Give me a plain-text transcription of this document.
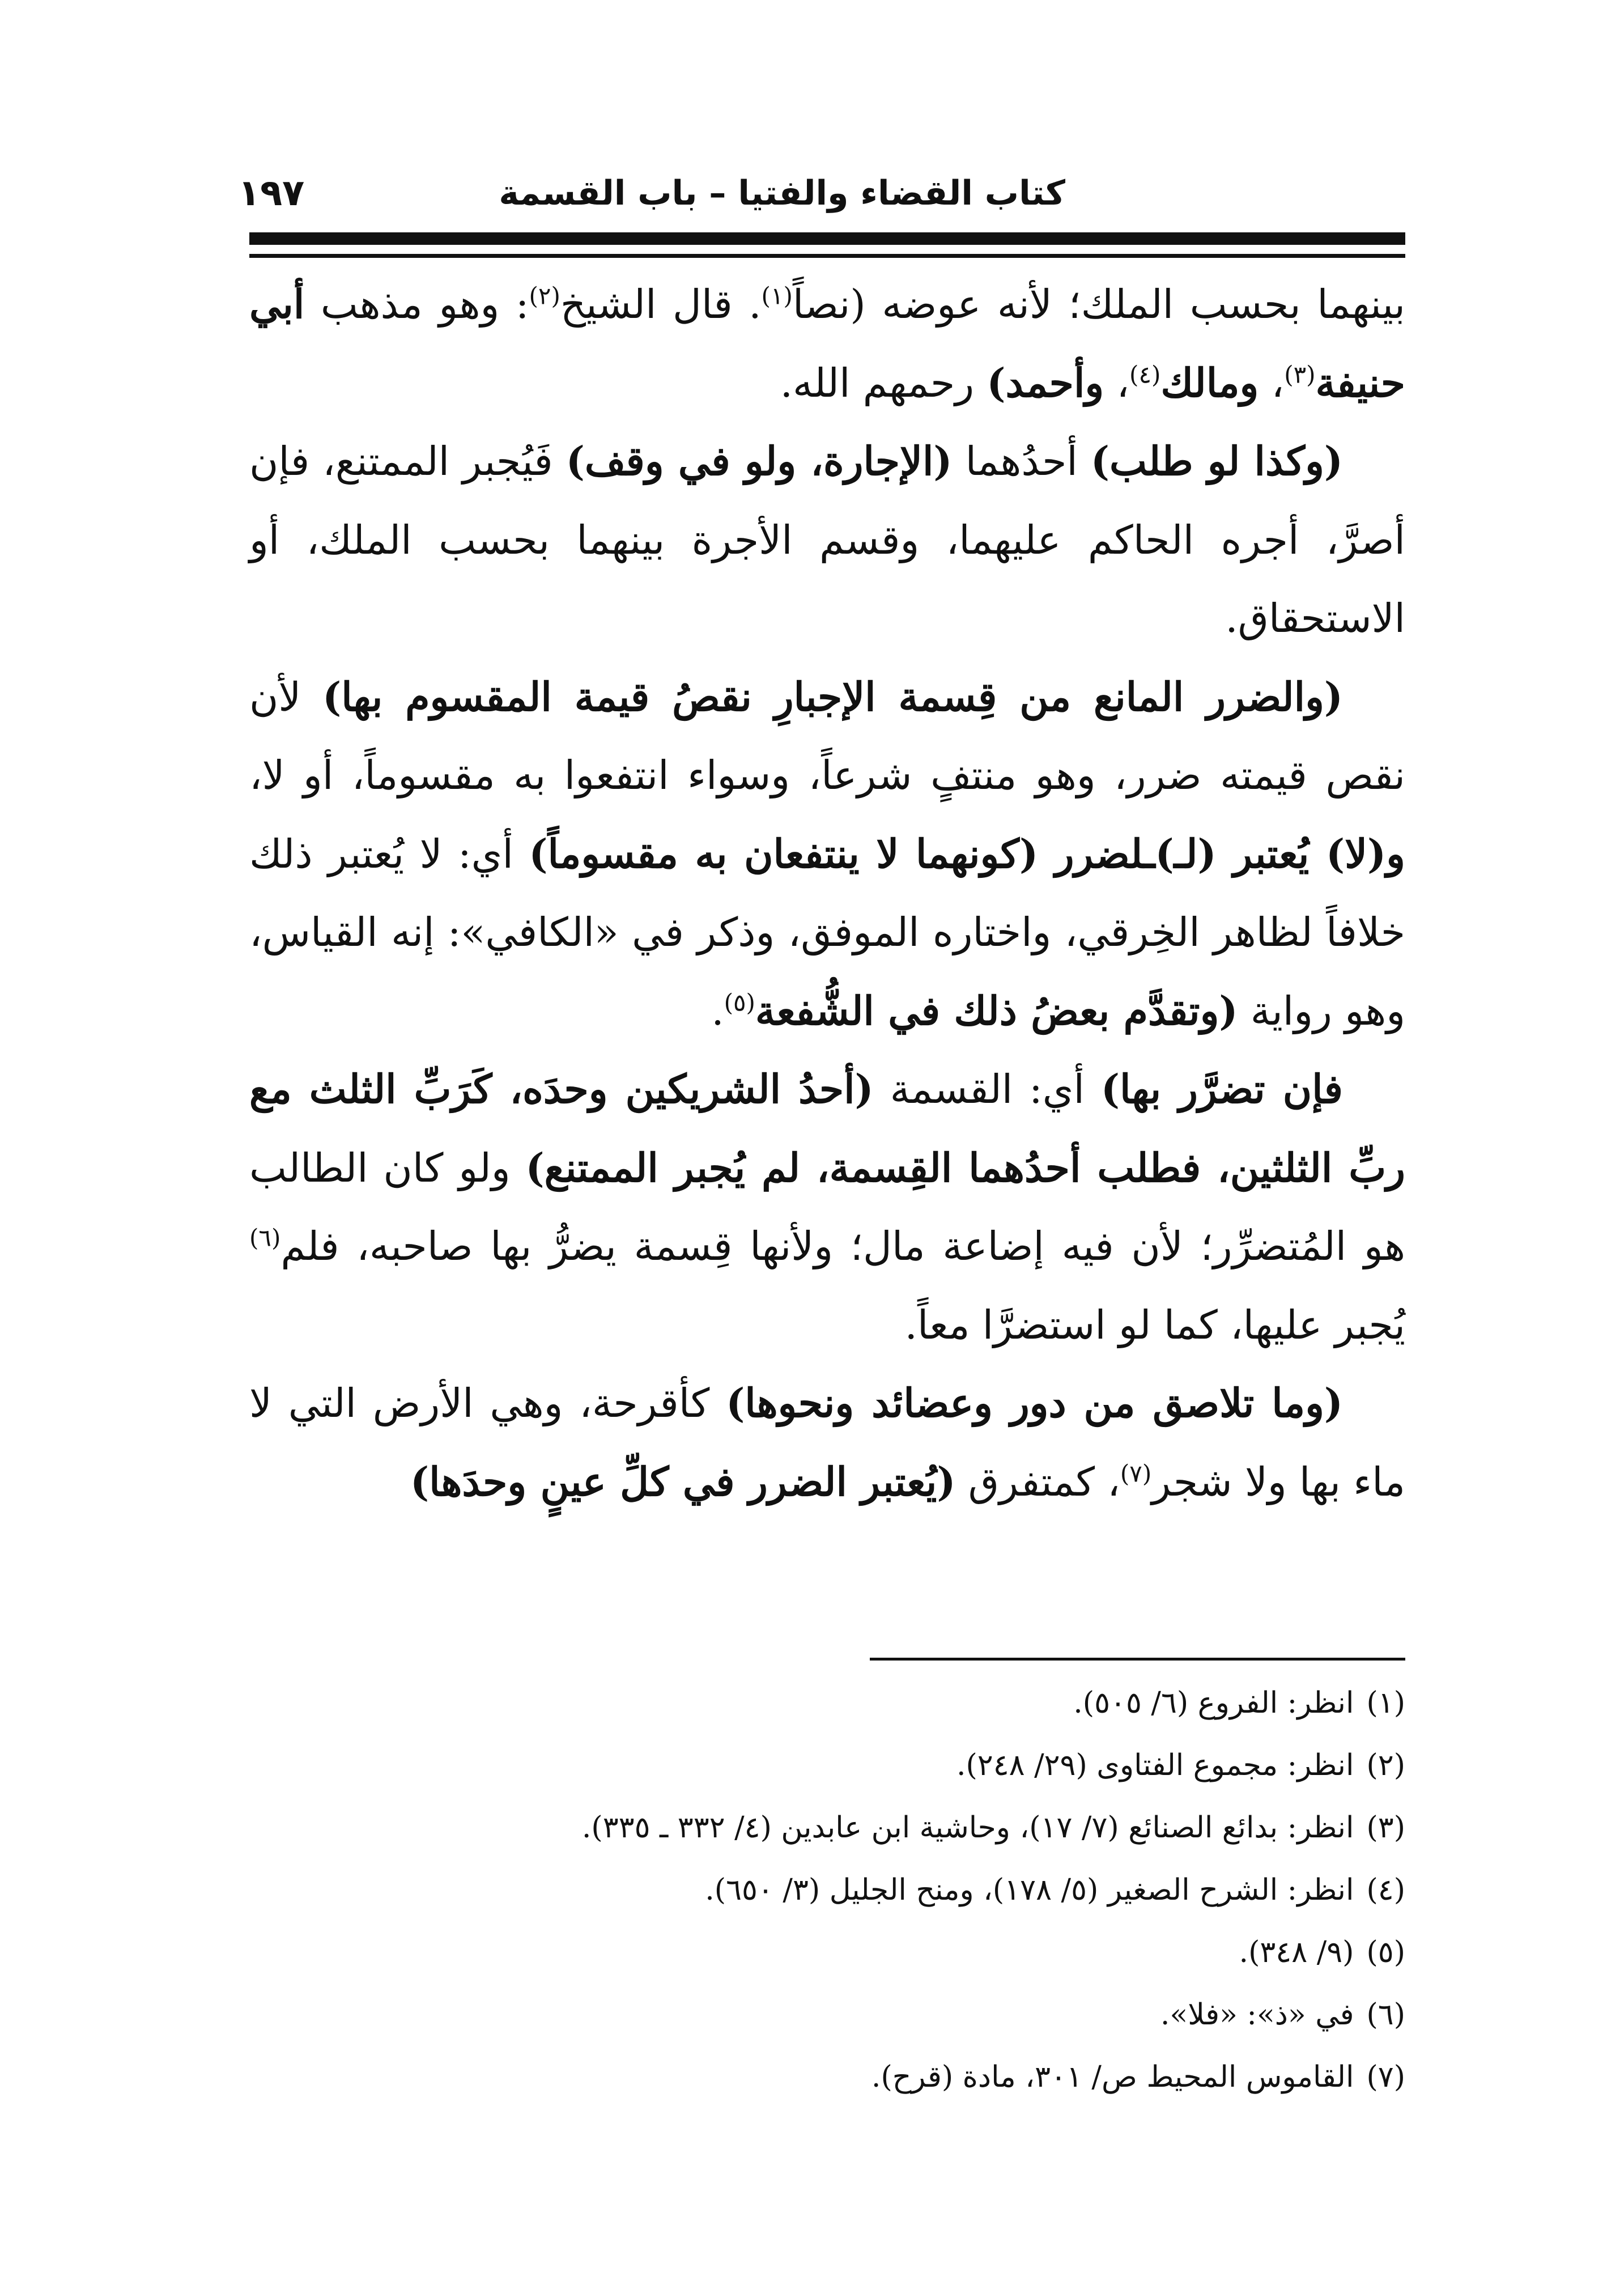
كتاب القضاء والفتيا – باب القسمة
١٩٧

بينهما بحسب الملك؛ لأنه عوضه (نصاً$^{(١)}$. قال الشيخ$^{(٢)}$: وهو مذهب أبي حنيفة$^{(٣)}$، ومالك$^{(٤)}$، وأحمد) رحمهم الله.

(وكذا لو طلب) أحدُهما (الإجارة، ولو في وقف) فَيُجبر الممتنع، فإن أصرَّ، أجره الحاكم عليهما، وقسم الأجرة بينهما بحسب الملك، أو الاستحقاق.

(والضرر المانع من قِسمة الإجبارِ نقصُ قيمة المقسوم بها) لأن نقص قيمته ضرر، وهو منتفٍ شرعاً، وسواء انتفعوا به مقسوماً، أو لا، و(لا) يُعتبر (لـ)ـلضرر (كونهما لا ينتفعان به مقسوماً) أي: لا يُعتبر ذلك خلافاً لظاهر الخِرقي، واختاره الموفق، وذكر في «الكافي»: إنه القياس، وهو رواية (وتقدَّم بعضُ ذلك في الشُّفعة$^{(٥)}$.

فإن تضرَّر بها) أي: القسمة (أحدُ الشريكين وحدَه، كَرَبِّ الثلث مع ربِّ الثلثين، فطلب أحدُهما القِسمة، لم يُجبر الممتنع) ولو كان الطالب هو المُتضرِّر؛ لأن فيه إضاعة مال؛ ولأنها قِسمة يضرُّ بها صاحبه، فلم$^{(٦)}$ يُجبر عليها، كما لو استضرَّا معاً.

(وما تلاصق من دور وعضائد ونحوها) كأقرحة، وهي الأرض التي لا ماء بها ولا شجر$^{(٧)}$، كمتفرق (يُعتبر الضرر في كلِّ عينٍ وحدَها)

(١)انظر: الفروع (٦/ ٥٠٥).
(٢)انظر: مجموع الفتاوى (٢٩/ ٢٤٨).
(٣)انظر: بدائع الصنائع (٧/ ١٧)، وحاشية ابن عابدين (٤/ ٣٣٢ ـ ٣٣٥).
(٤)انظر: الشرح الصغير (٥/ ١٧٨)، ومنح الجليل (٣/ ٦٥٠).
(٥)(٩/ ٣٤٨).
(٦)في «ذ»: «فلا».
(٧)القاموس المحيط ص/ ٣٠١، مادة (قرح).
